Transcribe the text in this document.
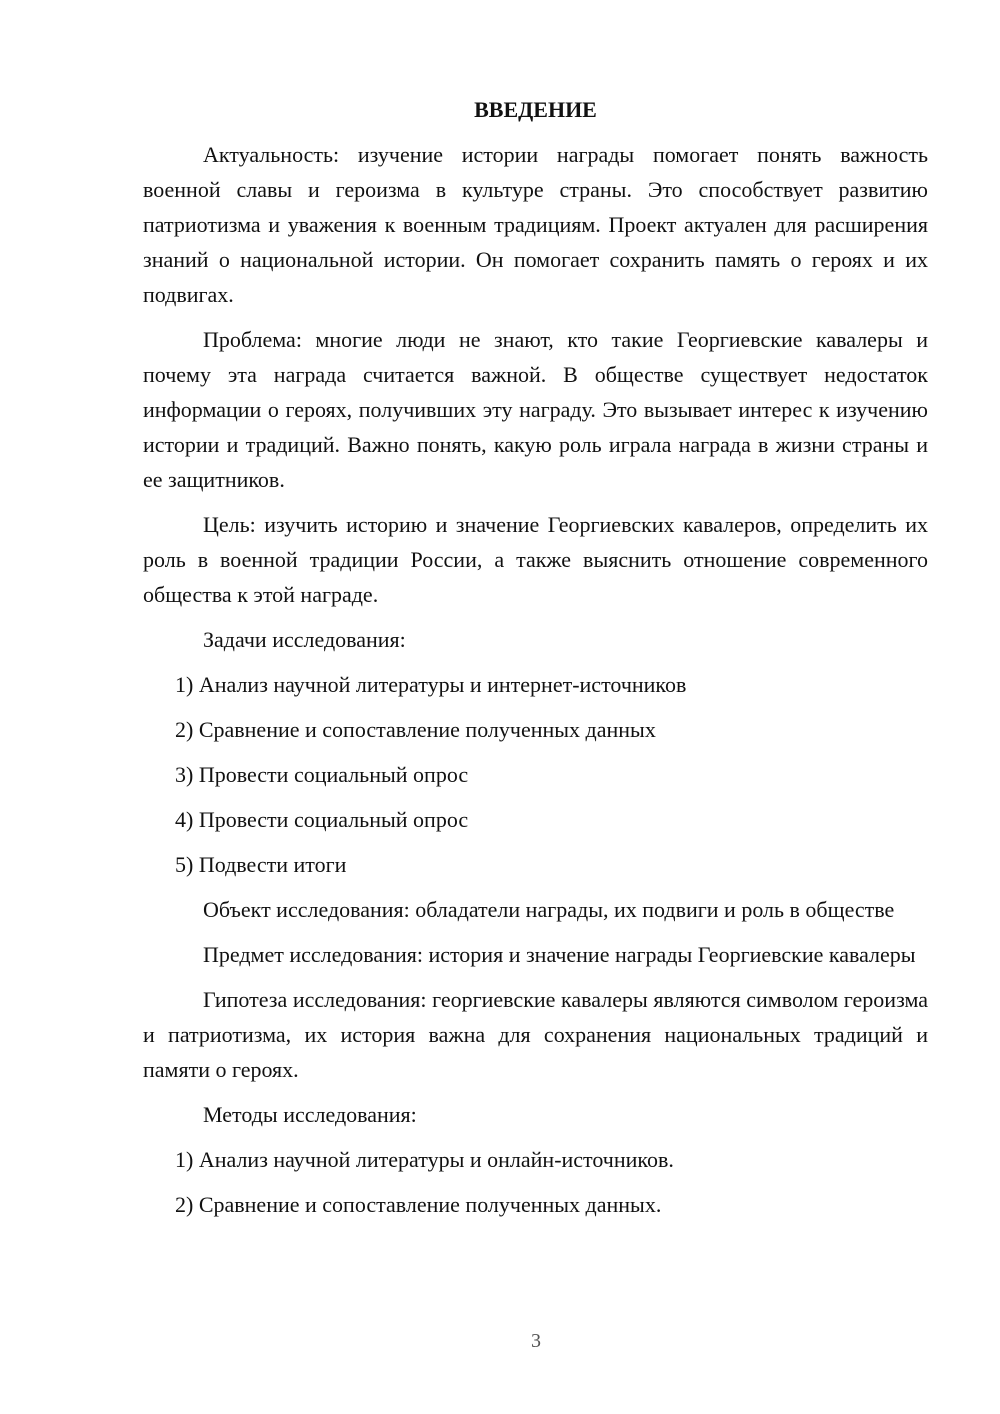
ВВЕДЕНИЕ

Актуальность: изучение истории награды помогает понять важность военной славы и героизма в культуре страны. Это способствует развитию патриотизма и уважения к военным традициям. Проект актуален для расширения знаний о национальной истории. Он помогает сохранить память о героях и их подвигах.

Проблема: многие люди не знают, кто такие Георгиевские кавалеры и почему эта награда считается важной. В обществе существует недостаток информации о героях, получивших эту награду. Это вызывает интерес к изучению истории и традиций. Важно понять, какую роль играла награда в жизни страны и ее защитников.

Цель: изучить историю и значение Георгиевских кавалеров, определить их роль в военной традиции России, а также выяснить отношение современного общества к этой награде.

Задачи исследования:

1) Анализ научной литературы и интернет-источников

2) Сравнение и сопоставление полученных данных

3) Провести социальный опрос

4) Провести социальный опрос

5) Подвести итоги

Объект исследования: обладатели награды, их подвиги и роль в обществе

Предмет исследования: история и значение награды Георгиевские кавалеры

Гипотеза исследования: георгиевские кавалеры являются символом героизма и патриотизма, их история важна для сохранения национальных традиций и памяти о героях.

Методы исследования:

1) Анализ научной литературы и онлайн-источников.

2) Сравнение и сопоставление полученных данных.

3
